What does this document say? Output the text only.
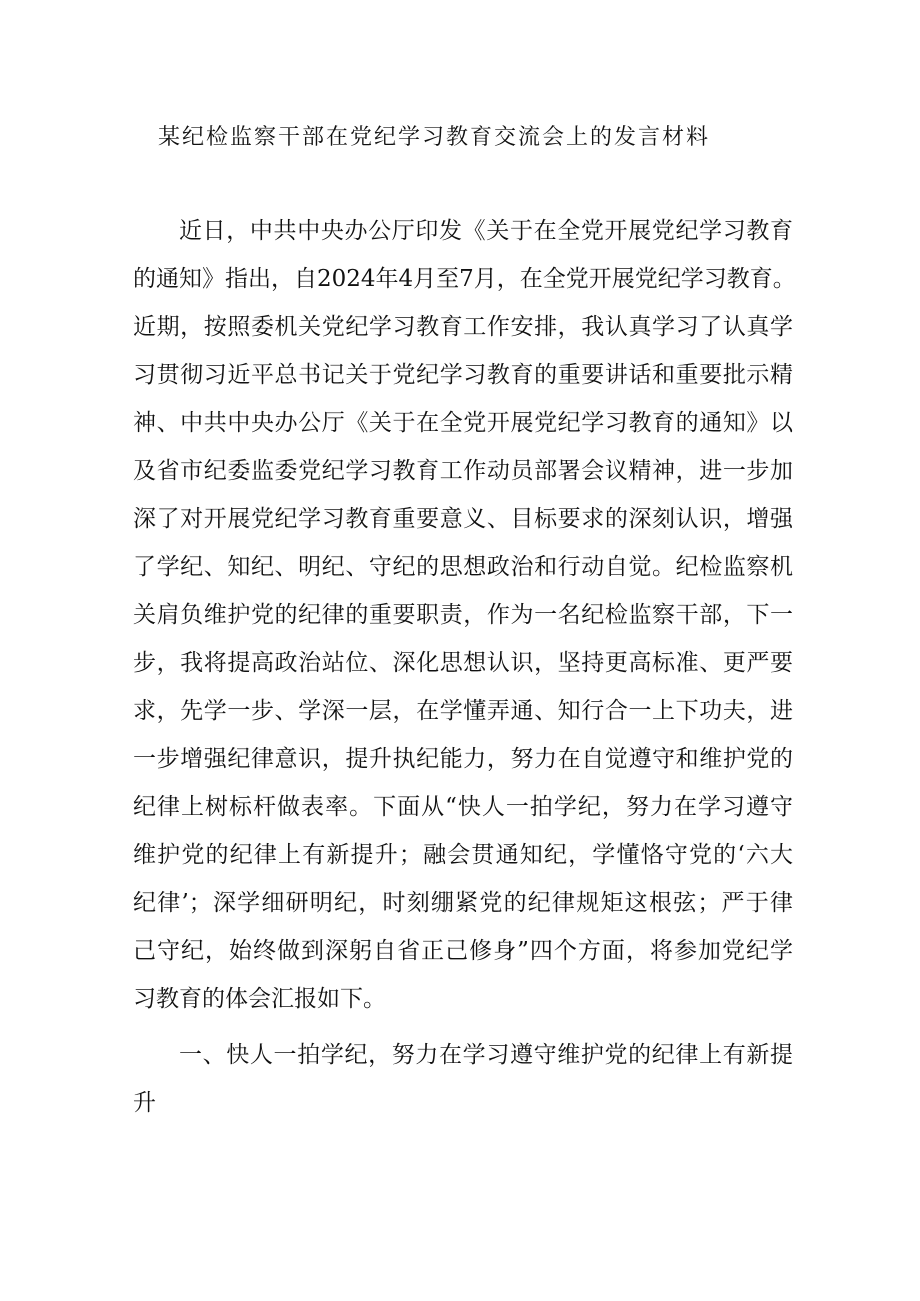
某纪检监察干部在党纪学习教育交流会上的发言材料
近日，中共中央办公厅印发《关于在全党开展党纪学习教育
的通知》指出，自2024年4月至7月，在全党开展党纪学习教育。
近期，按照委机关党纪学习教育工作安排，我认真学习了认真学
习贯彻习近平总书记关于党纪学习教育的重要讲话和重要批示精
神、中共中央办公厅《关于在全党开展党纪学习教育的通知》以
及省市纪委监委党纪学习教育工作动员部署会议精神，进一步加
深了对开展党纪学习教育重要意义、目标要求的深刻认识，增强
了学纪、知纪、明纪、守纪的思想政治和行动自觉。纪检监察机
关肩负维护党的纪律的重要职责，作为一名纪检监察干部，下一
步，我将提高政治站位、深化思想认识，坚持更高标准、更严要
求，先学一步、学深一层，在学懂弄通、知行合一上下功夫，进
一步增强纪律意识，提升执纪能力，努力在自觉遵守和维护党的
纪律上树标杆做表率。下面从“快人一拍学纪，努力在学习遵守
维护党的纪律上有新提升；融会贯通知纪，学懂恪守党的‘六大
纪律’；深学细研明纪，时刻绷紧党的纪律规矩这根弦；严于律
己守纪，始终做到深躬自省正己修身”四个方面，将参加党纪学
习教育的体会汇报如下。
一、快人一拍学纪，努力在学习遵守维护党的纪律上有新提
升
